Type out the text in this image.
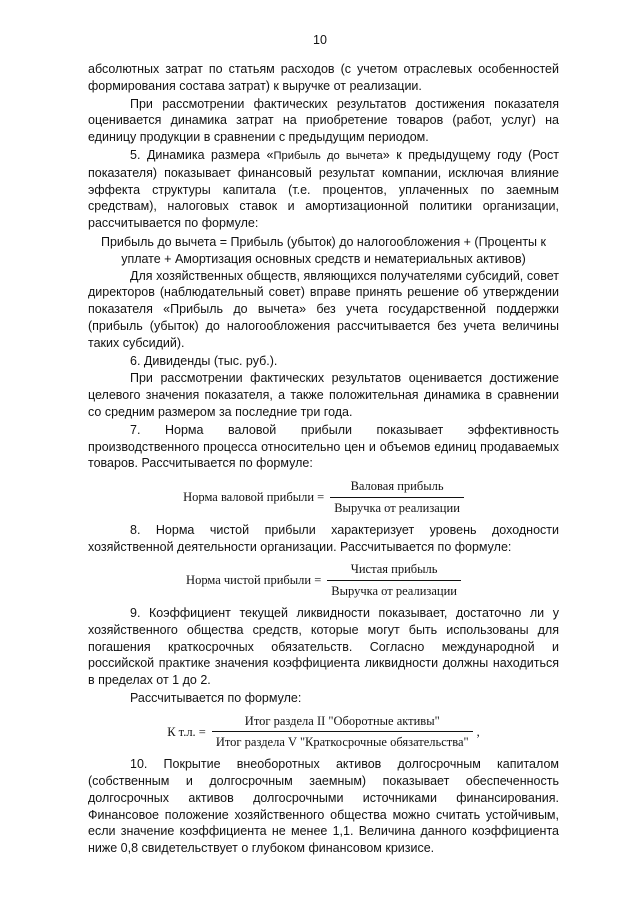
10

абсолютных затрат по статьям расходов (с учетом отраслевых особенностей формирования состава затрат) к выручке от реализации.

При рассмотрении фактических результатов достижения показателя оценивается динамика затрат на приобретение товаров (работ, услуг) на единицу продукции в сравнении с предыдущим периодом.

5. Динамика размера «Прибыль до вычета» к предыдущему году (Рост показателя) показывает финансовый результат компании, исключая влияние эффекта структуры капитала (т.е. процентов, уплаченных по заемным средствам), налоговых ставок и амортизационной политики организации, рассчитывается по формуле:

Прибыль до вычета = Прибыль (убыток) до налогообложения + (Проценты к уплате + Амортизация основных средств и нематериальных активов)

Для хозяйственных обществ, являющихся получателями субсидий, совет директоров (наблюдательный совет) вправе принять решение об утверждении показателя «Прибыль до вычета» без учета государственной поддержки (прибыль (убыток) до налогообложения рассчитывается без учета величины таких субсидий).

6. Дивиденды (тыс. руб.).

При рассмотрении фактических результатов оценивается достижение целевого значения показателя, а также положительная динамика в сравнении со средним размером за последние три года.

7. Норма валовой прибыли показывает эффективность производственного процесса относительно цен и объемов единиц продаваемых товаров. Рассчитывается по формуле:

Норма валовой прибыли = $\frac{\text{Валовая прибыль}}{\text{Выручка от реализации}}$

8. Норма чистой прибыли характеризует уровень доходности хозяйственной деятельности организации. Рассчитывается по формуле:

Норма чистой прибыли = $\frac{\text{Чистая прибыль}}{\text{Выручка от реализации}}$

9. Коэффициент текущей ликвидности показывает, достаточно ли у хозяйственного общества средств, которые могут быть использованы для погашения краткосрочных обязательств. Согласно международной и российской практике значения коэффициента ликвидности должны находиться в пределах от 1 до 2.

Рассчитывается по формуле:

К т.л. = $\frac{\text{Итог раздела II "Оборотные активы"}}{\text{Итог раздела V "Краткосрочные обязательства"}}$ ,

10. Покрытие внеоборотных активов долгосрочным капиталом (собственным и долгосрочным заемным) показывает обеспеченность долгосрочных активов долгосрочными источниками финансирования. Финансовое положение хозяйственного общества можно считать устойчивым, если значение коэффициента не менее 1,1. Величина данного коэффициента ниже 0,8 свидетельствует о глубоком финансовом кризисе.
